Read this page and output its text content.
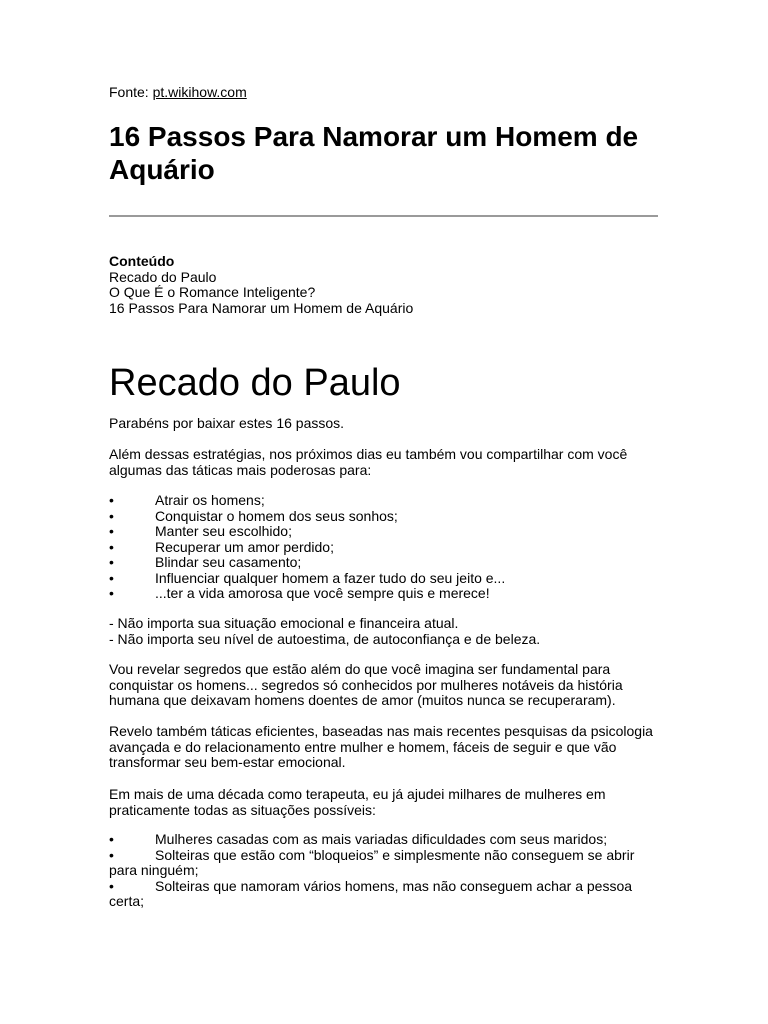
Fonte: pt.wikihow.com

16 Passos Para Namorar um Homem de Aquário

Conteúdo

Recado do Paulo

O Que É o Romance Inteligente?

16 Passos Para Namorar um Homem de Aquário

Recado do Paulo

Parabéns por baixar estes 16 passos.

Além dessas estratégias, nos próximos dias eu também vou compartilhar com você algumas das táticas mais poderosas para:

•	Atrair os homens;

•	Conquistar o homem dos seus sonhos;

•	Manter seu escolhido;

•	Recuperar um amor perdido;

•	Blindar seu casamento;

•	Influenciar qualquer homem a fazer tudo do seu jeito e...

•	...ter a vida amorosa que você sempre quis e merece!

- Não importa sua situação emocional e financeira atual.

- Não importa seu nível de autoestima, de autoconfiança e de beleza.

Vou revelar segredos que estão além do que você imagina ser fundamental para conquistar os homens... segredos só conhecidos por mulheres notáveis da história humana que deixavam homens doentes de amor (muitos nunca se recuperaram).

Revelo também táticas eficientes, baseadas nas mais recentes pesquisas da psicologia avançada e do relacionamento entre mulher e homem, fáceis de seguir e que vão transformar seu bem-estar emocional.

Em mais de uma década como terapeuta, eu já ajudei milhares de mulheres em praticamente todas as situações possíveis:

•	Mulheres casadas com as mais variadas dificuldades com seus maridos;

•	Solteiras que estão com “bloqueios” e simplesmente não conseguem se abrir para ninguém;

•	Solteiras que namoram vários homens, mas não conseguem achar a pessoa certa;
